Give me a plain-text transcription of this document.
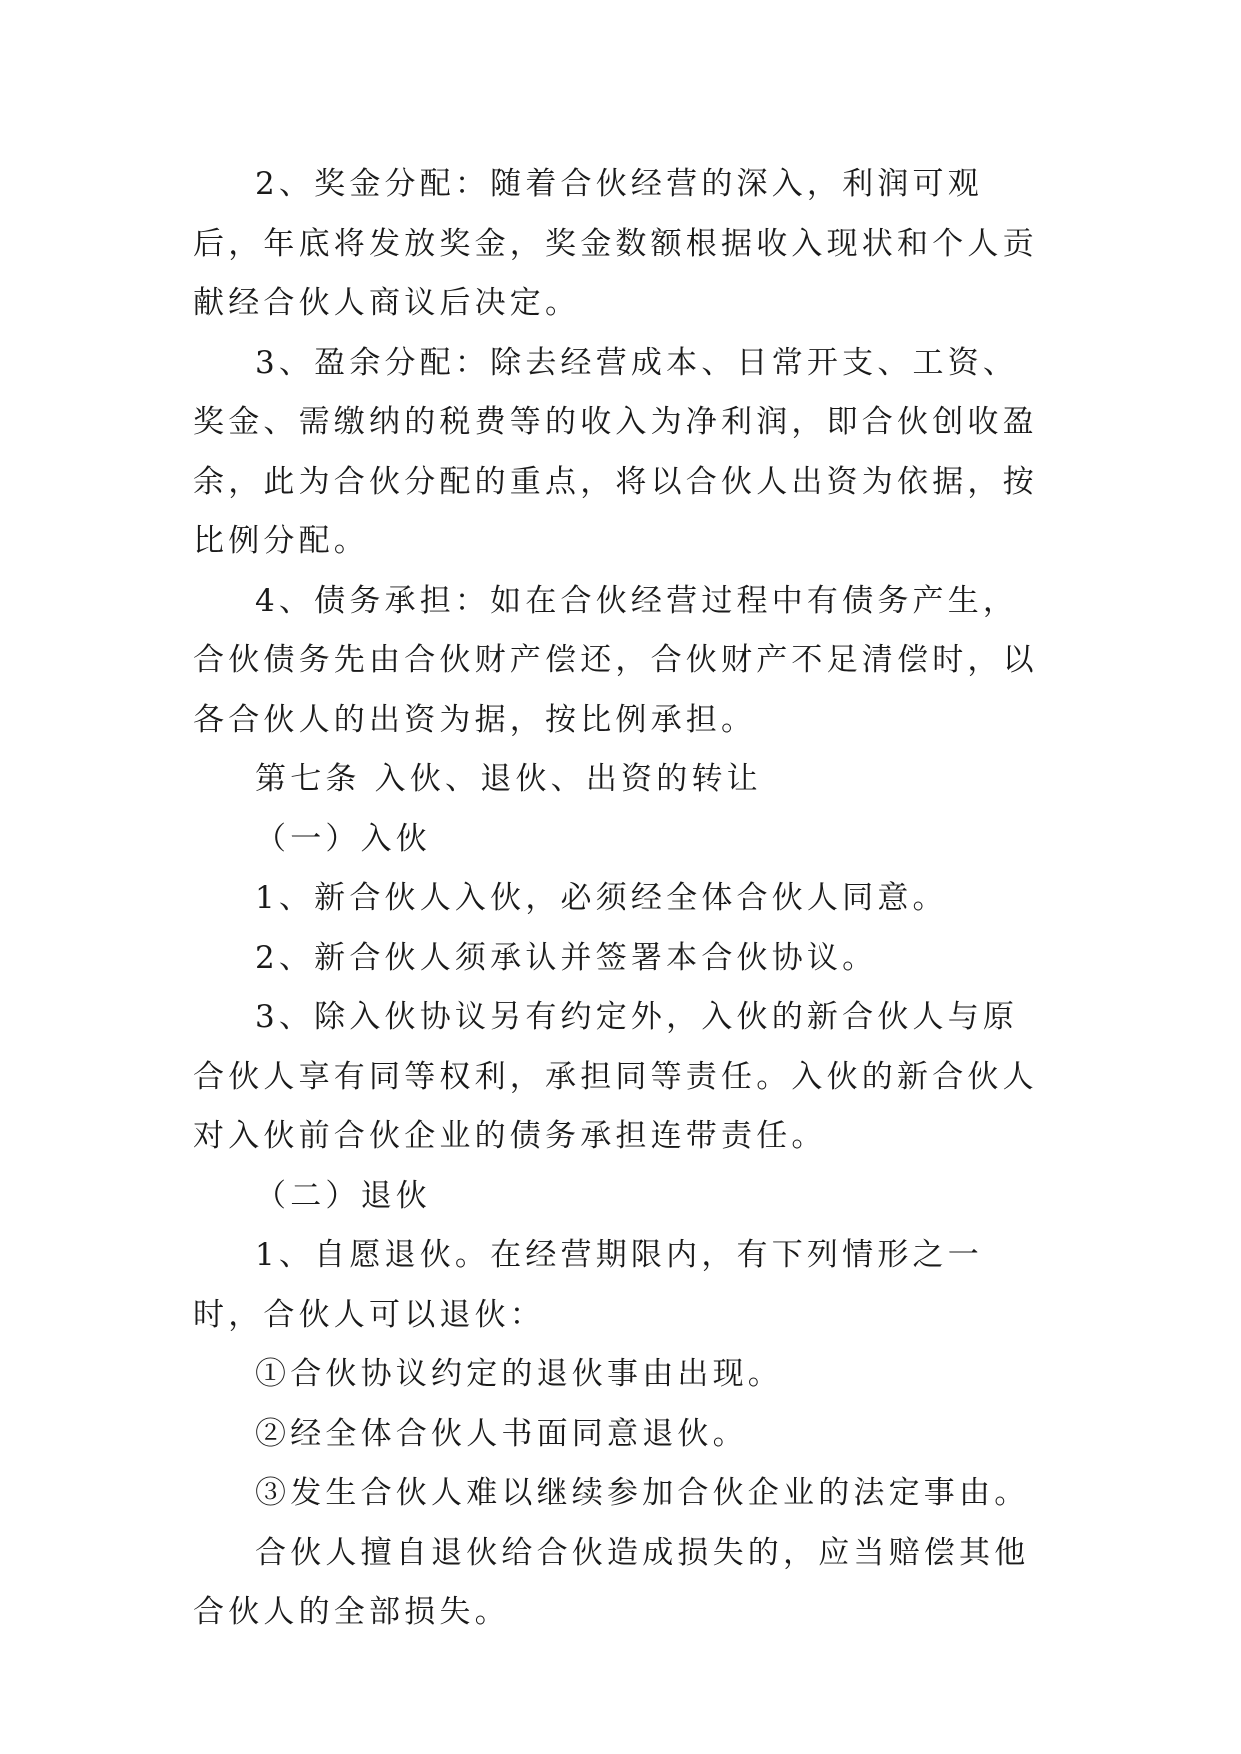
2、奖金分配：随着合伙经营的深入，利润可观后，年底将发放奖金，奖金数额根据收入现状和个人贡献经合伙人商议后决定。

3、盈余分配：除去经营成本、日常开支、工资、奖金、需缴纳的税费等的收入为净利润，即合伙创收盈余，此为合伙分配的重点，将以合伙人出资为依据，按比例分配。

4、债务承担：如在合伙经营过程中有债务产生，合伙债务先由合伙财产偿还，合伙财产不足清偿时，以各合伙人的出资为据，按比例承担。

第七条 入伙、退伙、出资的转让

（一）入伙

1、新合伙人入伙，必须经全体合伙人同意。

2、新合伙人须承认并签署本合伙协议。

3、除入伙协议另有约定外，入伙的新合伙人与原合伙人享有同等权利，承担同等责任。入伙的新合伙人对入伙前合伙企业的债务承担连带责任。

（二）退伙

1、自愿退伙。在经营期限内，有下列情形之一时，合伙人可以退伙：

①合伙协议约定的退伙事由出现。

②经全体合伙人书面同意退伙。

③发生合伙人难以继续参加合伙企业的法定事由。

合伙人擅自退伙给合伙造成损失的，应当赔偿其他合伙人的全部损失。
